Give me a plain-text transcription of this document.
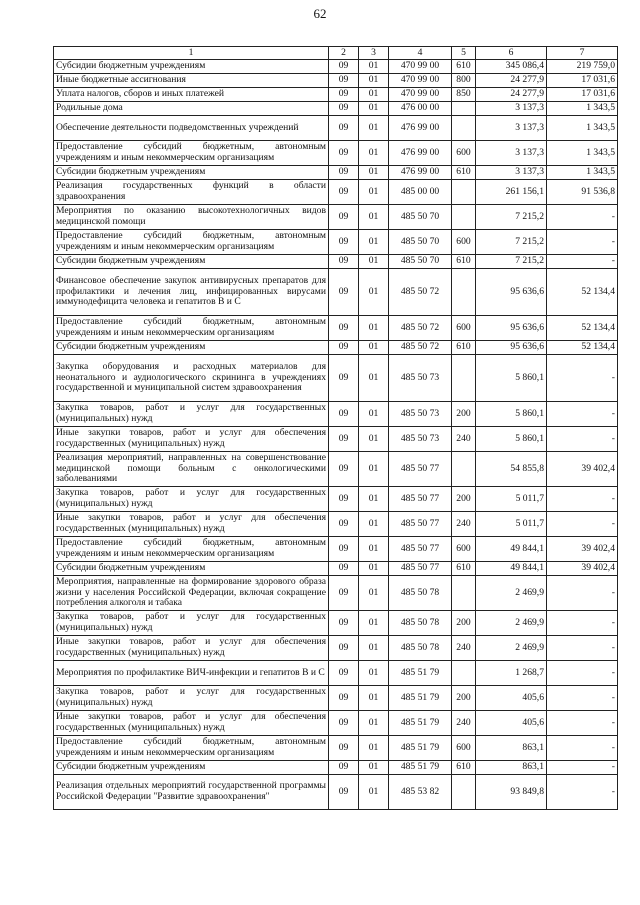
62
1	2	3	4	5	6	7
Субсидии бюджетным учреждениям	09	01	470 99 00	610	345 086,4	219 759,0
Иные бюджетные ассигнования	09	01	470 99 00	800	24 277,9	17 031,6
Уплата налогов, сборов и иных платежей	09	01	470 99 00	850	24 277,9	17 031,6
Родильные дома	09	01	476 00 00		3 137,3	1 343,5
Обеспечение деятельности подведомственных учреждений	09	01	476 99 00		3 137,3	1 343,5
Предоставление субсидий бюджетным, автономным учреждениям и иным некоммерческим организациям	09	01	476 99 00	600	3 137,3	1 343,5
Субсидии бюджетным учреждениям	09	01	476 99 00	610	3 137,3	1 343,5
Реализация государственных функций в области здравоохранения	09	01	485 00 00		261 156,1	91 536,8
Мероприятия по оказанию высокотехнологичных видов медицинской помощи	09	01	485 50 70		7 215,2	-
Предоставление субсидий бюджетным, автономным учреждениям и иным некоммерческим организациям	09	01	485 50 70	600	7 215,2	-
Субсидии бюджетным учреждениям	09	01	485 50 70	610	7 215,2	-
Финансовое обеспечение закупок антивирусных препаратов для профилактики и лечения лиц, инфицированных вирусами иммунодефицита человека и гепатитов B и C	09	01	485 50 72		95 636,6	52 134,4
Предоставление субсидий бюджетным, автономным учреждениям и иным некоммерческим организациям	09	01	485 50 72	600	95 636,6	52 134,4
Субсидии бюджетным учреждениям	09	01	485 50 72	610	95 636,6	52 134,4
Закупка оборудования и расходных материалов для неонатального и аудиологического скрининга в учреждениях государственной и муниципальной систем здравоохранения	09	01	485 50 73		5 860,1	-
Закупка товаров, работ и услуг для государственных (муниципальных) нужд	09	01	485 50 73	200	5 860,1	-
Иные закупки товаров, работ и услуг для обеспечения государственных (муниципальных) нужд	09	01	485 50 73	240	5 860,1	-
Реализация мероприятий, направленных на совершенствование медицинской помощи больным с онкологическими заболеваниями	09	01	485 50 77		54 855,8	39 402,4
Закупка товаров, работ и услуг для государственных (муниципальных) нужд	09	01	485 50 77	200	5 011,7	-
Иные закупки товаров, работ и услуг для обеспечения государственных (муниципальных) нужд	09	01	485 50 77	240	5 011,7	-
Предоставление субсидий бюджетным, автономным учреждениям и иным некоммерческим организациям	09	01	485 50 77	600	49 844,1	39 402,4
Субсидии бюджетным учреждениям	09	01	485 50 77	610	49 844,1	39 402,4
Мероприятия, направленные на формирование здорового образа жизни у населения Российской Федерации, включая сокращение потребления алкоголя и табака	09	01	485 50 78		2 469,9	-
Закупка товаров, работ и услуг для государственных (муниципальных) нужд	09	01	485 50 78	200	2 469,9	-
Иные закупки товаров, работ и услуг для обеспечения государственных (муниципальных) нужд	09	01	485 50 78	240	2 469,9	-
Мероприятия по профилактике ВИЧ-инфекции и гепатитов B и C	09	01	485 51 79		1 268,7	-
Закупка товаров, работ и услуг для государственных (муниципальных) нужд	09	01	485 51 79	200	405,6	-
Иные закупки товаров, работ и услуг для обеспечения государственных (муниципальных) нужд	09	01	485 51 79	240	405,6	-
Предоставление субсидий бюджетным, автономным учреждениям и иным некоммерческим организациям	09	01	485 51 79	600	863,1	-
Субсидии бюджетным учреждениям	09	01	485 51 79	610	863,1	-
Реализация отдельных мероприятий государственной программы Российской Федерации "Развитие здравоохранения"	09	01	485 53 82		93 849,8	-
